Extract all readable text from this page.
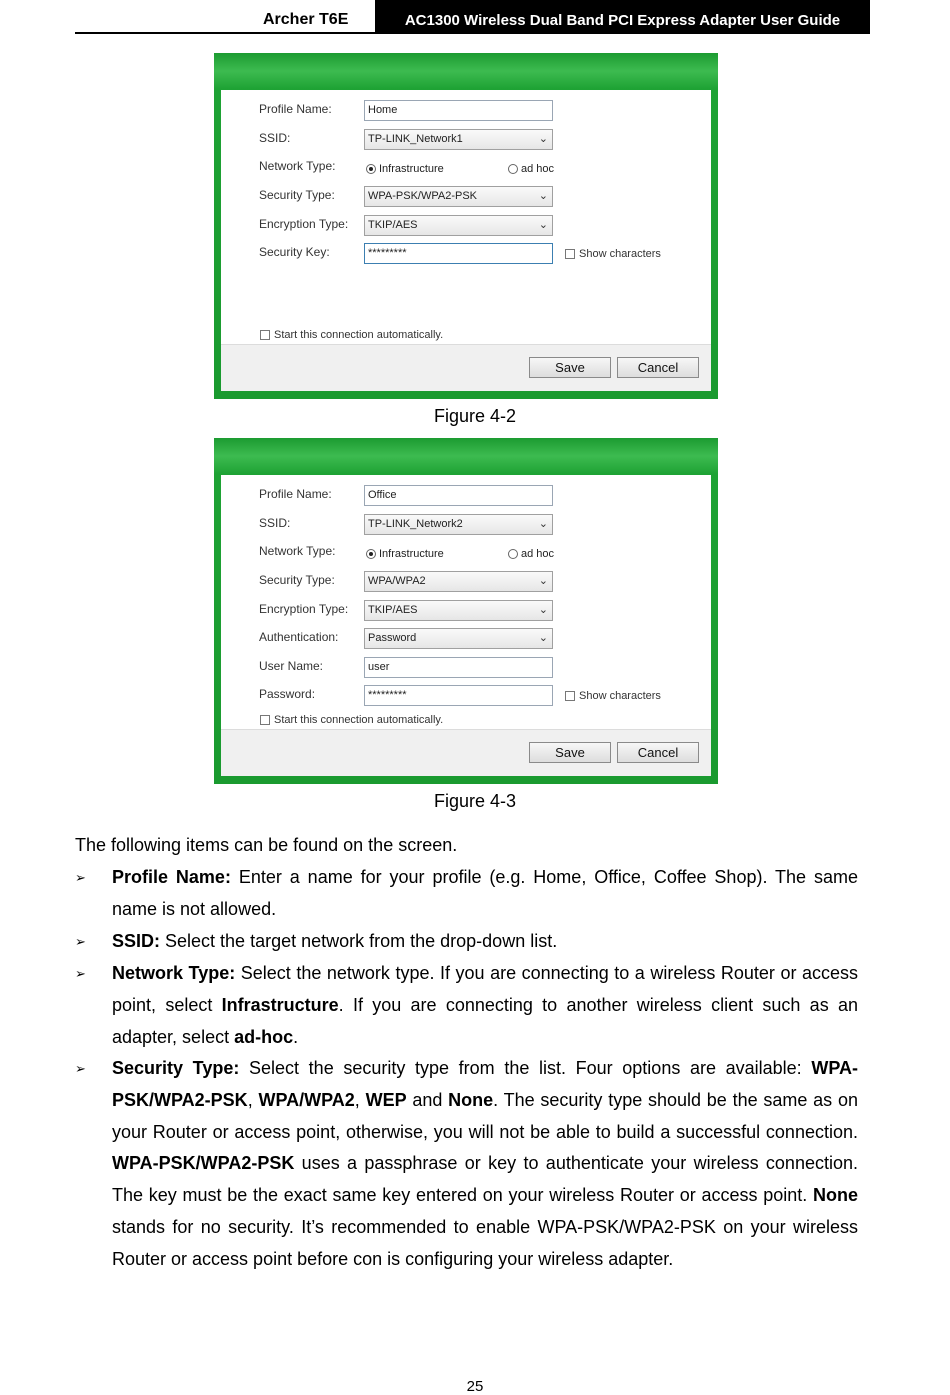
Archer T6E	AC1300 Wireless Dual Band PCI Express Adapter User Guide
Profile Name:	Home
SSID:	TP-LINK_Network1	⌄
Network Type:	Infrastructure	ad hoc
Security Type:	WPA-PSK/WPA2-PSK	⌄
Encryption Type:	TKIP/AES	⌄
Security Key:	*********	Show characters
Start this connection automatically.
Save	Cancel
Figure 4-2
Profile Name:	Office
SSID:	TP-LINK_Network2	⌄
Network Type:	Infrastructure	ad hoc
Security Type:	WPA/WPA2	⌄
Encryption Type:	TKIP/AES	⌄
Authentication:	Password	⌄
User Name:	user
Password:	*********	Show characters
Start this connection automatically.
Save	Cancel
Figure 4-3
The following items can be found on the screen.
➢ Profile Name: Enter a name for your profile (e.g. Home, Office, Coffee Shop). The same name is not allowed.
➢ SSID: Select the target network from the drop-down list.
➢ Network Type: Select the network type. If you are connecting to a wireless Router or access point, select Infrastructure. If you are connecting to another wireless client such as an adapter, select ad-hoc.
➢ Security Type: Select the security type from the list. Four options are available: WPA-PSK/WPA2-PSK, WPA/WPA2, WEP and None. The security type should be the same as on your Router or access point, otherwise, you will not be able to build a successful connection. WPA-PSK/WPA2-PSK uses a passphrase or key to authenticate your wireless connection. The key must be the exact same key entered on your wireless Router or access point. None stands for no security. It’s recommended to enable WPA-PSK/WPA2-PSK on your wireless Router or access point before con is configuring your wireless adapter.
25
